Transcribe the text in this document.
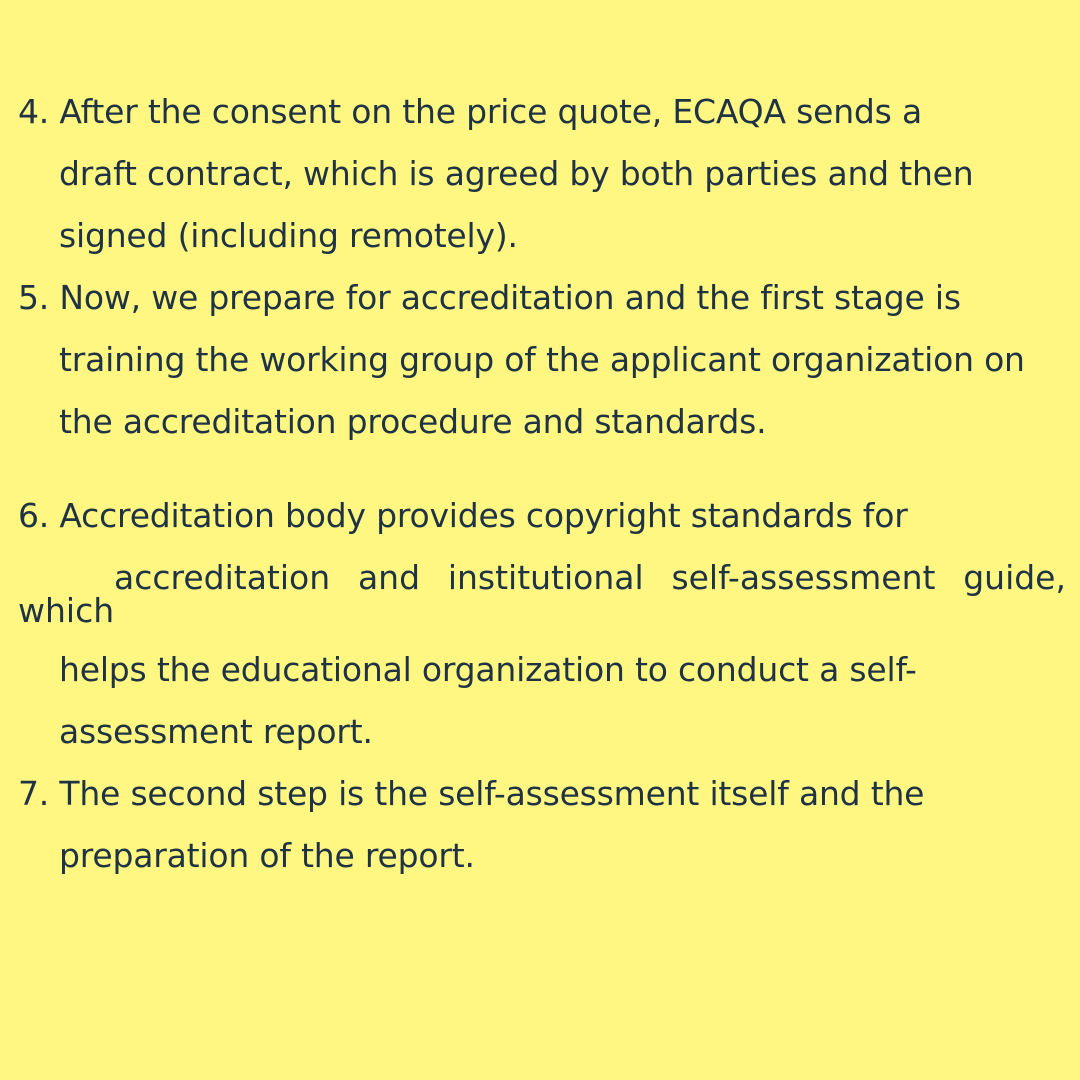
4. After the consent on the price quote, ECAQA sends a
draft contract, which is agreed by both parties and then
signed (including remotely).
5. Now, we prepare for accreditation and the first stage is
training the working group of the applicant organization on
the accreditation procedure and standards.
6. Accreditation body provides copyright standards for
which
accreditation and institutional self-assessment guide,
helps the educational organization to conduct a self-
assessment report.
7. The second step is the self-assessment itself and the
preparation of the report.
